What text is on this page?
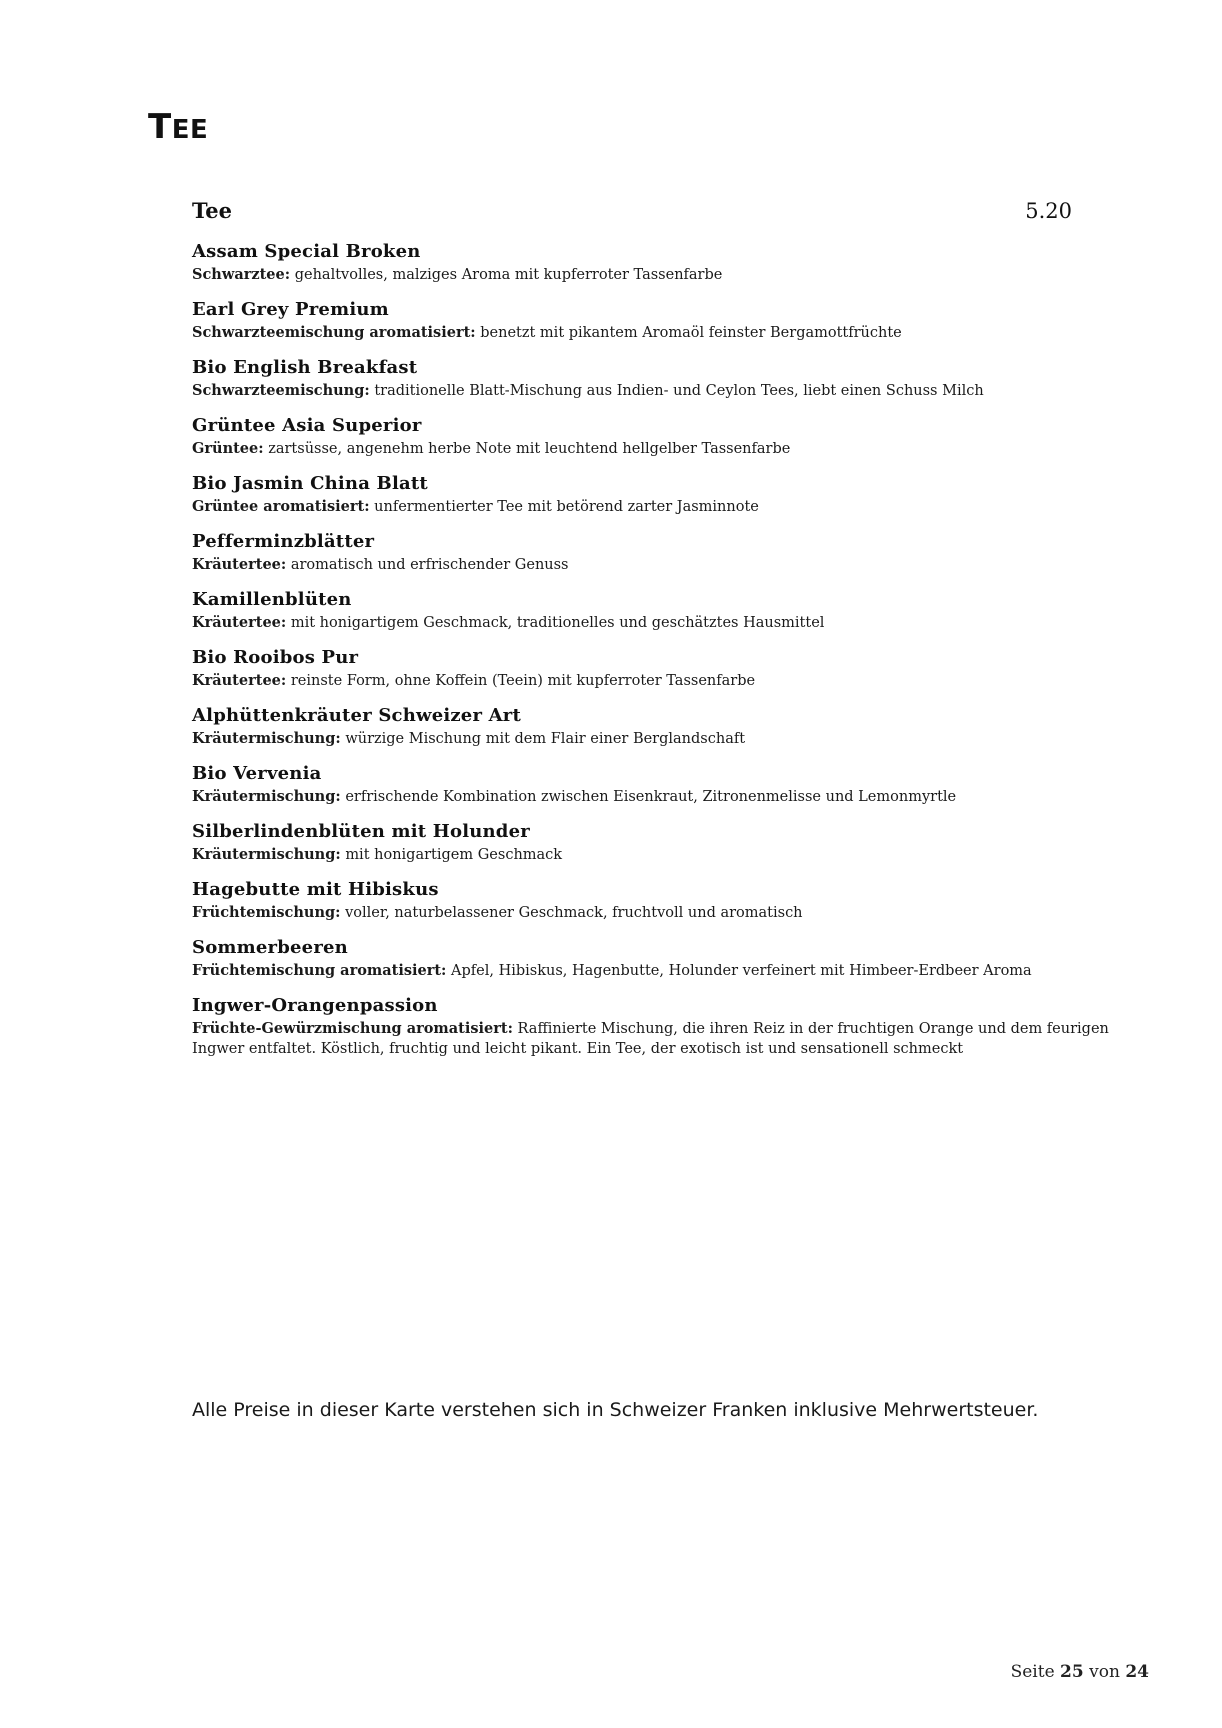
TEE
Tee	5.20
Assam Special Broken
Schwarztee: gehaltvolles, malziges Aroma mit kupferroter Tassenfarbe
Earl Grey Premium
Schwarzteemischung aromatisiert: benetzt mit pikantem Aromaöl feinster Bergamottfrüchte
Bio English Breakfast
Schwarzteemischung: traditionelle Blatt-Mischung aus Indien- und Ceylon Tees, liebt einen Schuss Milch
Grüntee Asia Superior
Grüntee: zartsüsse, angenehm herbe Note mit leuchtend hellgelber Tassenfarbe
Bio Jasmin China Blatt
Grüntee aromatisiert: unfermentierter Tee mit betörend zarter Jasminnote
Pefferminzblätter
Kräutertee: aromatisch und erfrischender Genuss
Kamillenblüten
Kräutertee: mit honigartigem Geschmack, traditionelles und geschätztes Hausmittel
Bio Rooibos Pur
Kräutertee: reinste Form, ohne Koffein (Teein) mit kupferroter Tassenfarbe
Alphüttenkräuter Schweizer Art
Kräutermischung: würzige Mischung mit dem Flair einer Berglandschaft
Bio Vervenia
Kräutermischung: erfrischende Kombination zwischen Eisenkraut, Zitronenmelisse und Lemonmyrtle
Silberlindenblüten mit Holunder
Kräutermischung: mit honigartigem Geschmack
Hagebutte mit Hibiskus
Früchtemischung: voller, naturbelassener Geschmack, fruchtvoll und aromatisch
Sommerbeeren
Früchtemischung aromatisiert: Apfel, Hibiskus, Hagenbutte, Holunder verfeinert mit Himbeer-Erdbeer Aroma
Ingwer-Orangenpassion
Früchte-Gewürzmischung aromatisiert: Raffinierte Mischung, die ihren Reiz in der fruchtigen Orange und dem feurigen Ingwer entfaltet. Köstlich, fruchtig und leicht pikant. Ein Tee, der exotisch ist und sensationell schmeckt
Alle Preise in dieser Karte verstehen sich in Schweizer Franken inklusive Mehrwertsteuer.
Seite 25 von 24
